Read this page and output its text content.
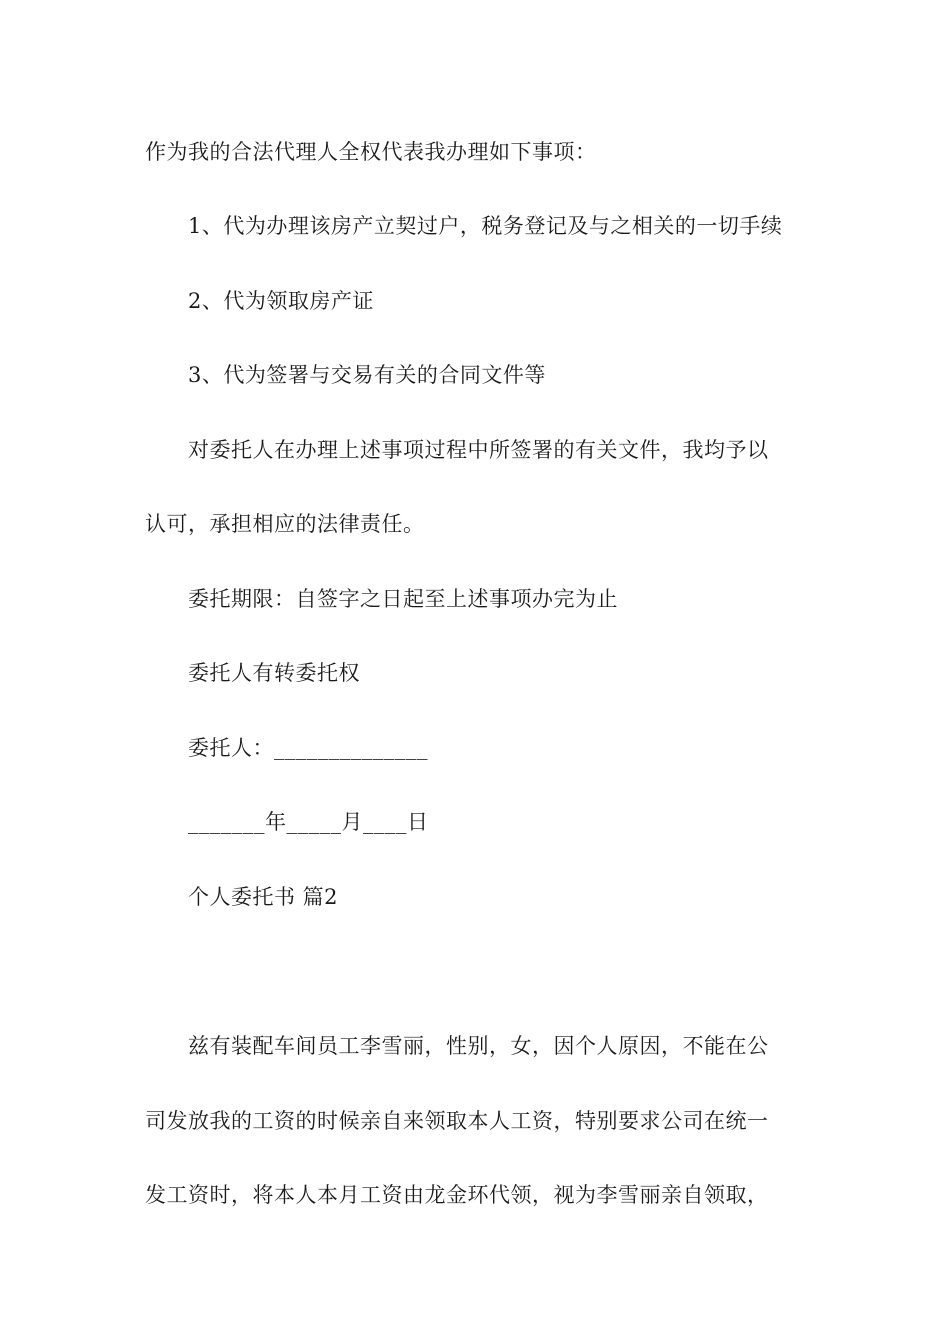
作为我的合法代理人全权代表我办理如下事项：
1、代为办理该房产立契过户，税务登记及与之相关的一切手续
2、代为领取房产证
3、代为签署与交易有关的合同文件等
对委托人在办理上述事项过程中所签署的有关文件，我均予以
认可，承担相应的法律责任。
委托期限：自签字之日起至上述事项办完为止
委托人有转委托权
委托人：______________
_______年_____月____日
个人委托书 篇2
兹有装配车间员工李雪丽，性别，女，因个人原因，不能在公
司发放我的工资的时候亲自来领取本人工资，特别要求公司在统一
发工资时，将本人本月工资由龙金环代领，视为李雪丽亲自领取，
